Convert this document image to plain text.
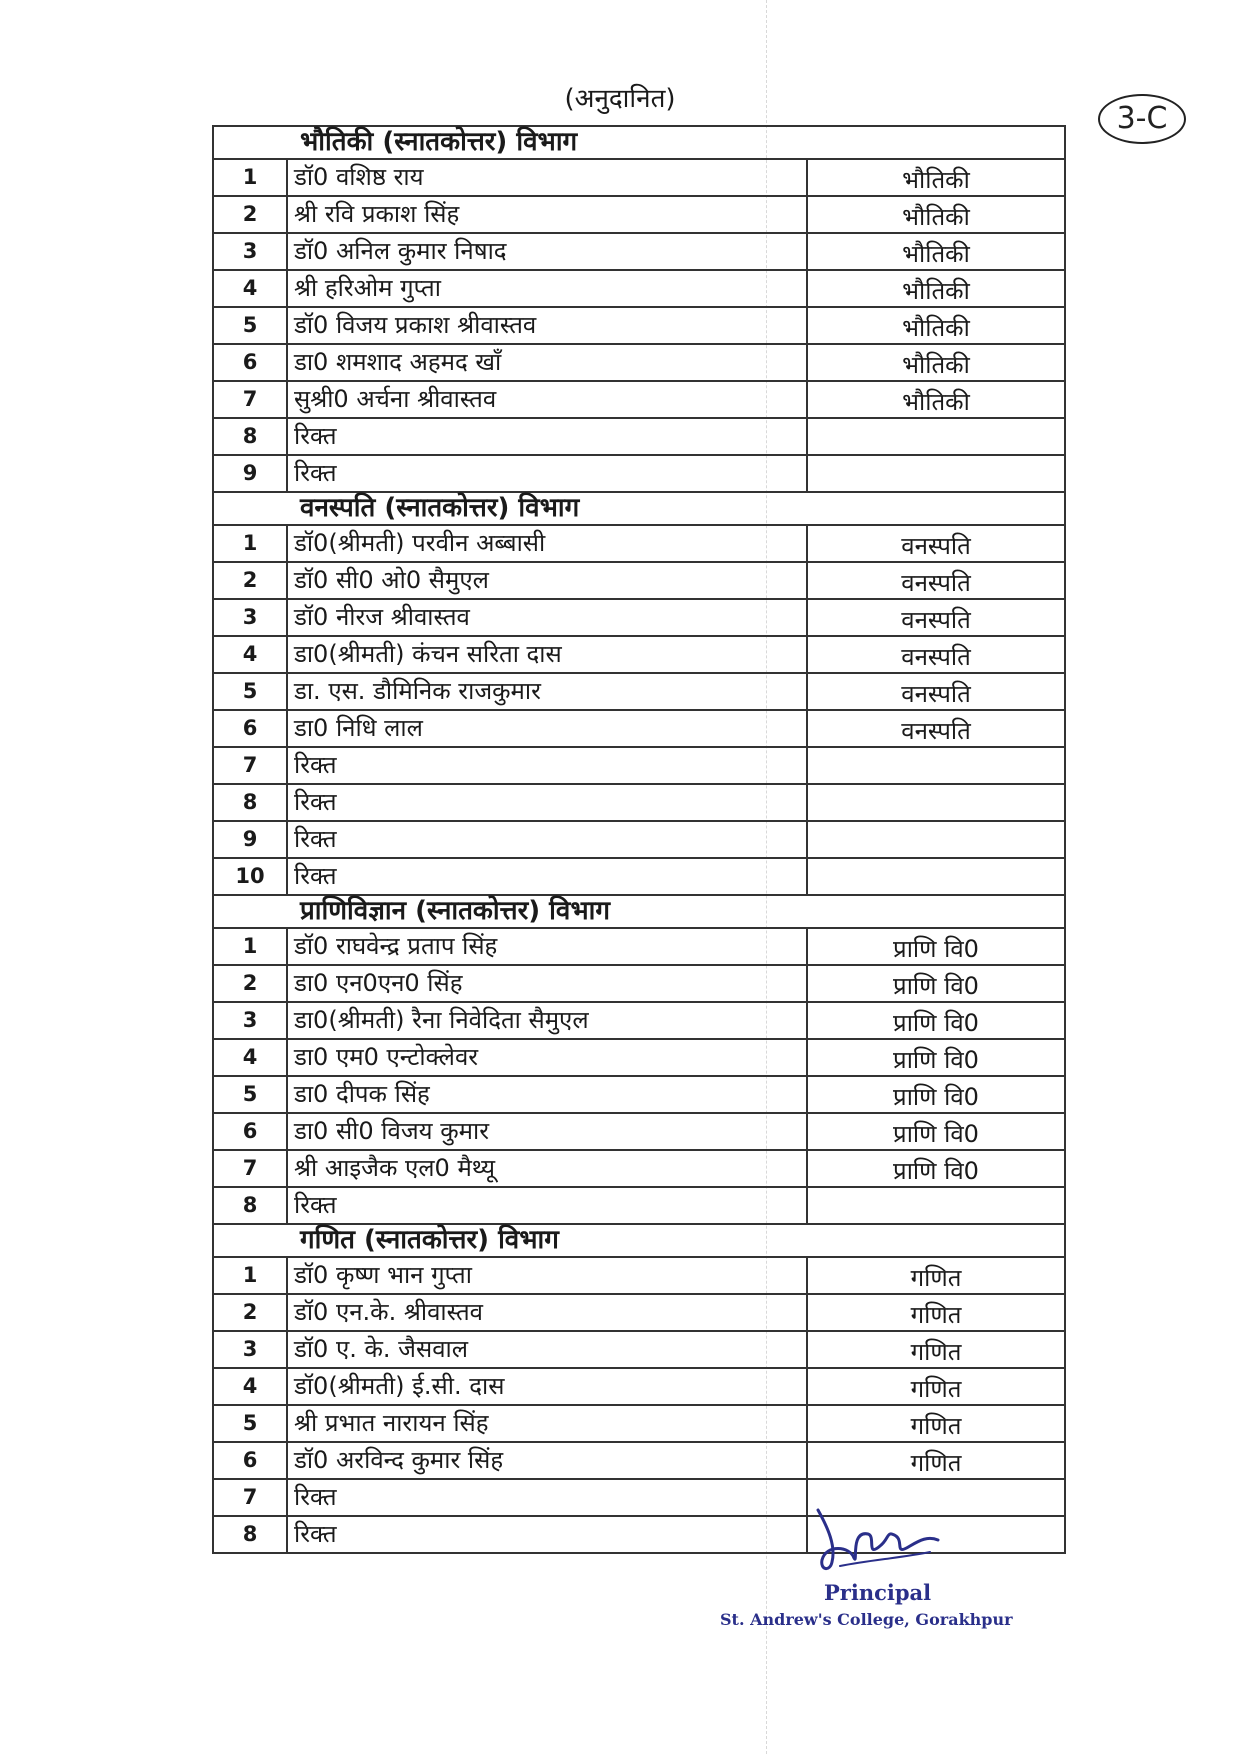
3-C
(अनुदानित)
भौतिकी (स्नातकोत्तर) विभाग
1	डॉ0 वशिष्ठ राय	भौतिकी
2	श्री रवि प्रकाश सिंह	भौतिकी
3	डॉ0 अनिल कुमार निषाद	भौतिकी
4	श्री हरिओम गुप्ता	भौतिकी
5	डॉ0 विजय प्रकाश श्रीवास्तव	भौतिकी
6	डा0 शमशाद अहमद खाँ	भौतिकी
7	सुश्री0 अर्चना श्रीवास्तव	भौतिकी
8	रिक्त
9	रिक्त
वनस्पति (स्नातकोत्तर) विभाग
1	डॉ0(श्रीमती) परवीन अब्बासी	वनस्पति
2	डॉ0 सी0 ओ0 सैमुएल	वनस्पति
3	डॉ0 नीरज श्रीवास्तव	वनस्पति
4	डा0(श्रीमती) कंचन सरिता दास	वनस्पति
5	डा. एस. डौमिनिक राजकुमार	वनस्पति
6	डा0 निधि लाल	वनस्पति
7	रिक्त
8	रिक्त
9	रिक्त
10	रिक्त
प्राणिविज्ञान (स्नातकोत्तर) विभाग
1	डॉ0 राघवेन्द्र प्रताप सिंह	प्राणि वि0
2	डा0 एन0एन0 सिंह	प्राणि वि0
3	डा0(श्रीमती) रैना निवेदिता सैमुएल	प्राणि वि0
4	डा0 एम0 एन्टोक्लेवर	प्राणि वि0
5	डा0 दीपक सिंह	प्राणि वि0
6	डा0 सी0 विजय कुमार	प्राणि वि0
7	श्री आइजैक एल0 मैथ्यू	प्राणि वि0
8	रिक्त
गणित (स्नातकोत्तर) विभाग
1	डॉ0 कृष्ण भान गुप्ता	गणित
2	डॉ0 एन.के. श्रीवास्तव	गणित
3	डॉ0 ए. के. जैसवाल	गणित
4	डॉ0(श्रीमती) ई.सी. दास	गणित
5	श्री प्रभात नारायन सिंह	गणित
6	डॉ0 अरविन्द कुमार सिंह	गणित
7	रिक्त
8	रिक्त
Principal
St. Andrew's College, Gorakhpur
